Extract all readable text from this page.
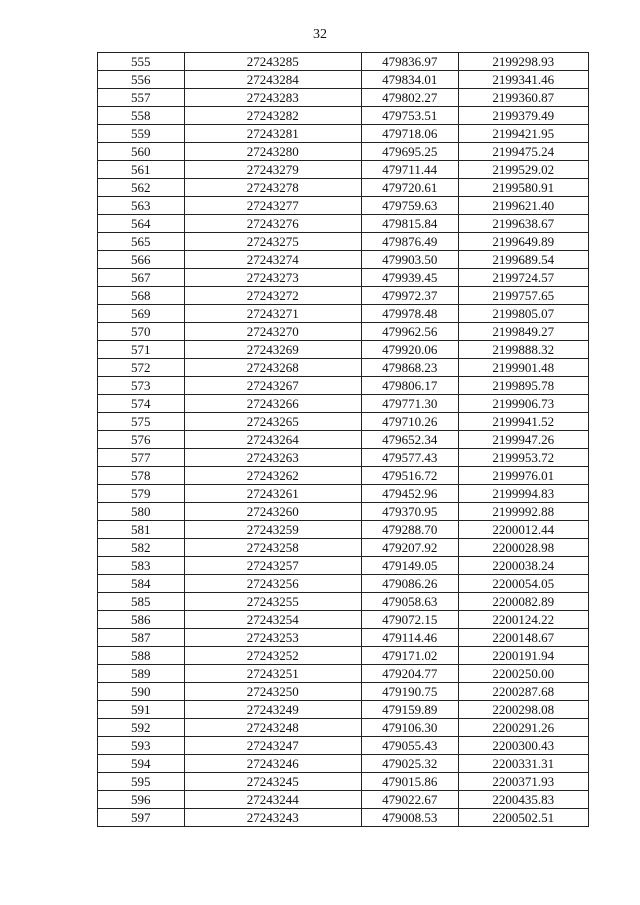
32
555	27243285	479836.97	2199298.93
556	27243284	479834.01	2199341.46
557	27243283	479802.27	2199360.87
558	27243282	479753.51	2199379.49
559	27243281	479718.06	2199421.95
560	27243280	479695.25	2199475.24
561	27243279	479711.44	2199529.02
562	27243278	479720.61	2199580.91
563	27243277	479759.63	2199621.40
564	27243276	479815.84	2199638.67
565	27243275	479876.49	2199649.89
566	27243274	479903.50	2199689.54
567	27243273	479939.45	2199724.57
568	27243272	479972.37	2199757.65
569	27243271	479978.48	2199805.07
570	27243270	479962.56	2199849.27
571	27243269	479920.06	2199888.32
572	27243268	479868.23	2199901.48
573	27243267	479806.17	2199895.78
574	27243266	479771.30	2199906.73
575	27243265	479710.26	2199941.52
576	27243264	479652.34	2199947.26
577	27243263	479577.43	2199953.72
578	27243262	479516.72	2199976.01
579	27243261	479452.96	2199994.83
580	27243260	479370.95	2199992.88
581	27243259	479288.70	2200012.44
582	27243258	479207.92	2200028.98
583	27243257	479149.05	2200038.24
584	27243256	479086.26	2200054.05
585	27243255	479058.63	2200082.89
586	27243254	479072.15	2200124.22
587	27243253	479114.46	2200148.67
588	27243252	479171.02	2200191.94
589	27243251	479204.77	2200250.00
590	27243250	479190.75	2200287.68
591	27243249	479159.89	2200298.08
592	27243248	479106.30	2200291.26
593	27243247	479055.43	2200300.43
594	27243246	479025.32	2200331.31
595	27243245	479015.86	2200371.93
596	27243244	479022.67	2200435.83
597	27243243	479008.53	2200502.51
